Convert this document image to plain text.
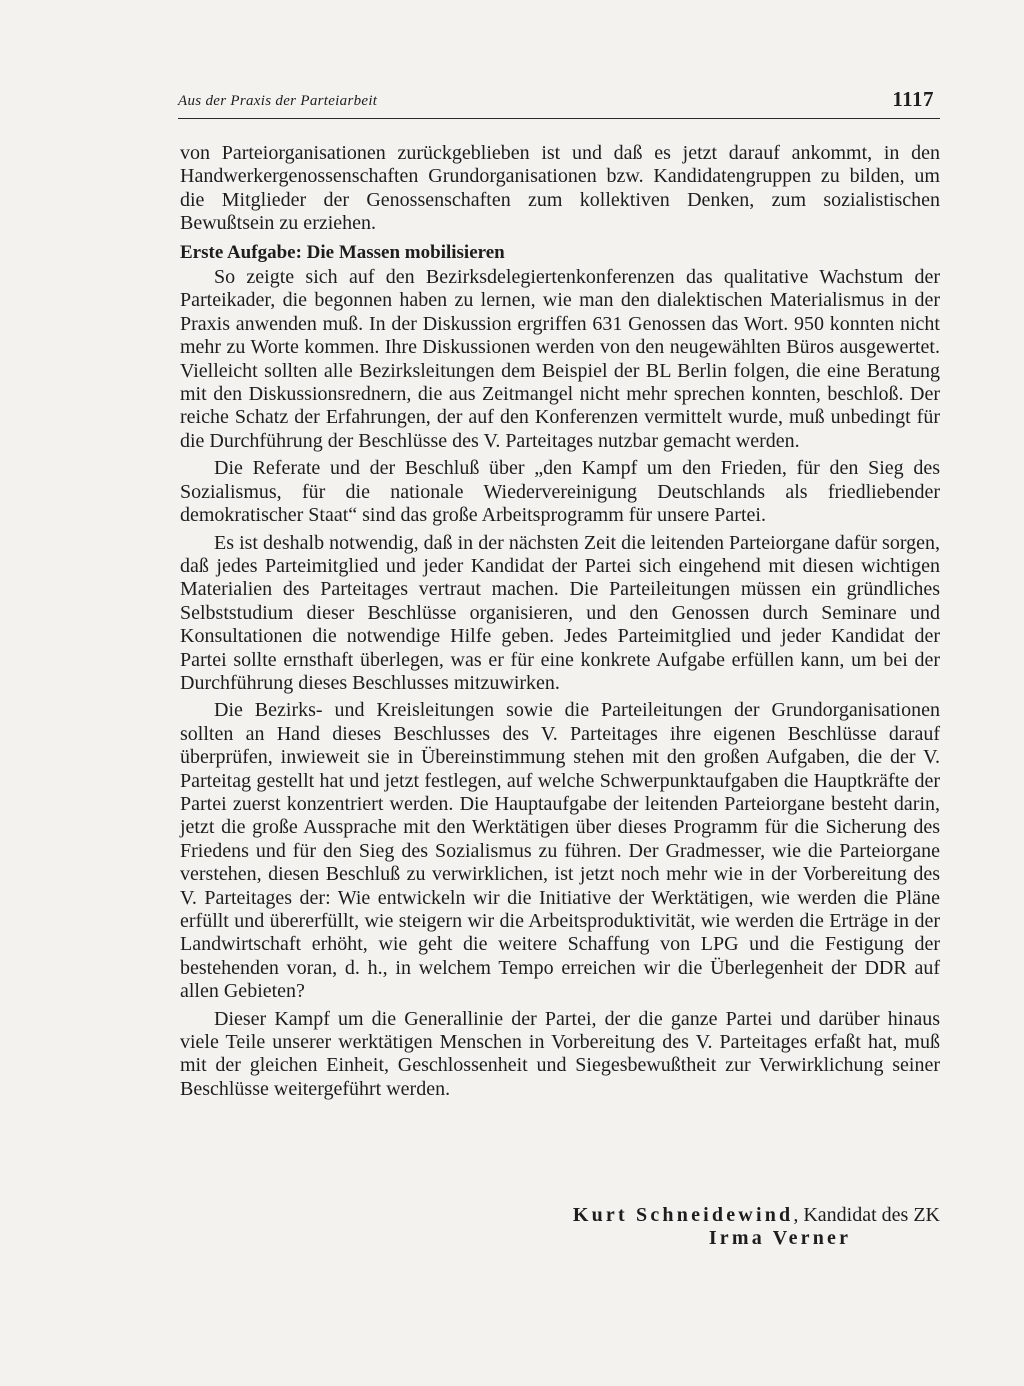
Aus der Praxis der Parteiarbeit	1117

von Parteiorganisationen zurückgeblieben ist und daß es jetzt darauf ankommt, in den Handwerkergenossenschaften Grundorganisationen bzw. Kandidatengruppen zu bilden, um die Mitglieder der Genossenschaften zum kollektiven Denken, zum sozialistischen Bewußtsein zu erziehen.

Erste Aufgabe: Die Massen mobilisieren

So zeigte sich auf den Bezirksdelegiertenkonferenzen das qualitative Wachstum der Parteikader, die begonnen haben zu lernen, wie man den dialektischen Materialismus in der Praxis anwenden muß. In der Diskussion ergriffen 631 Genossen das Wort. 950 konnten nicht mehr zu Worte kommen. Ihre Diskussionen werden von den neugewählten Büros ausgewertet. Vielleicht sollten alle Bezirksleitungen dem Beispiel der BL Berlin folgen, die eine Beratung mit den Diskussionsrednern, die aus Zeitmangel nicht mehr sprechen konnten, beschloß. Der reiche Schatz der Erfahrungen, der auf den Konferenzen vermittelt wurde, muß unbedingt für die Durchführung der Beschlüsse des V. Parteitages nutzbar gemacht werden.

Die Referate und der Beschluß über „den Kampf um den Frieden, für den Sieg des Sozialismus, für die nationale Wiedervereinigung Deutschlands als friedliebender demokratischer Staat“ sind das große Arbeitsprogramm für unsere Partei.

Es ist deshalb notwendig, daß in der nächsten Zeit die leitenden Parteiorgane dafür sorgen, daß jedes Parteimitglied und jeder Kandidat der Partei sich eingehend mit diesen wichtigen Materialien des Parteitages vertraut machen. Die Parteileitungen müssen ein gründliches Selbststudium dieser Beschlüsse organisieren, und den Genossen durch Seminare und Konsultationen die notwendige Hilfe geben. Jedes Parteimitglied und jeder Kandidat der Partei sollte ernsthaft überlegen, was er für eine konkrete Aufgabe erfüllen kann, um bei der Durchführung dieses Beschlusses mitzuwirken.

Die Bezirks- und Kreisleitungen sowie die Parteileitungen der Grundorganisationen sollten an Hand dieses Beschlusses des V. Parteitages ihre eigenen Beschlüsse darauf überprüfen, inwieweit sie in Übereinstimmung stehen mit den großen Aufgaben, die der V. Parteitag gestellt hat und jetzt festlegen, auf welche Schwerpunktaufgaben die Hauptkräfte der Partei zuerst konzentriert werden. Die Hauptaufgabe der leitenden Parteiorgane besteht darin, jetzt die große Aussprache mit den Werktätigen über dieses Programm für die Sicherung des Friedens und für den Sieg des Sozialismus zu führen. Der Gradmesser, wie die Parteiorgane verstehen, diesen Beschluß zu verwirklichen, ist jetzt noch mehr wie in der Vorbereitung des V. Parteitages der: Wie entwickeln wir die Initiative der Werktätigen, wie werden die Pläne erfüllt und übererfüllt, wie steigern wir die Arbeitsproduktivität, wie werden die Erträge in der Landwirtschaft erhöht, wie geht die weitere Schaffung von LPG und die Festigung der bestehenden voran, d. h., in welchem Tempo erreichen wir die Überlegenheit der DDR auf allen Gebieten?

Dieser Kampf um die Generallinie der Partei, der die ganze Partei und darüber hinaus viele Teile unserer werktätigen Menschen in Vorbereitung des V. Parteitages erfaßt hat, muß mit der gleichen Einheit, Geschlossenheit und Siegesbewußtheit zur Verwirklichung seiner Beschlüsse weitergeführt werden.

Kurt Schneidewind, Kandidat des ZK
Irma Verner
